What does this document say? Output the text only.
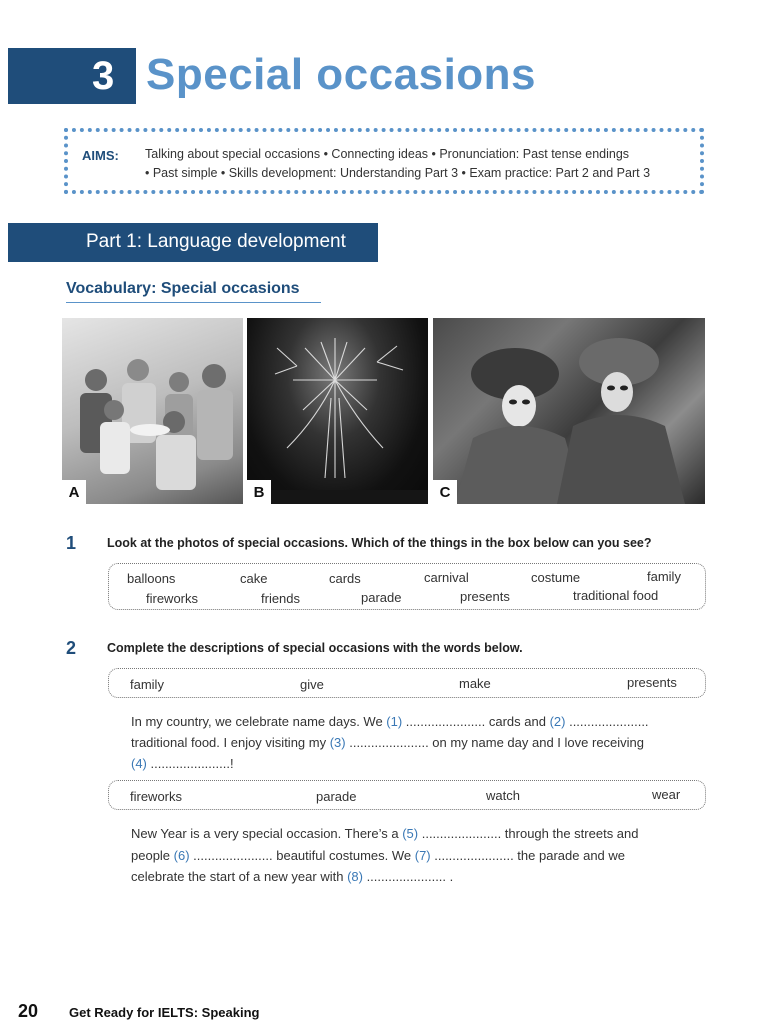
3 Special occasions
AIMS: Talking about special occasions • Connecting ideas • Pronunciation: Past tense endings
• Past simple • Skills development: Understanding Part 3 • Exam practice: Part 2 and Part 3
Part 1: Language development
Vocabulary: Special occasions
A	B	C
1 Look at the photos of special occasions. Which of the things in the box below can you see?
balloons	cake	cards	carnival	costume	family
fireworks	friends	parade	presents	traditional food
2 Complete the descriptions of special occasions with the words below.
family	give	make	presents
In my country, we celebrate name days. We (1) ...................... cards and (2) ......................
traditional food. I enjoy visiting my (3) ...................... on my name day and I love receiving
(4) ......................!
fireworks	parade	watch	wear
New Year is a very special occasion. There’s a (5) ...................... through the streets and
people (6) ...................... beautiful costumes. We (7) ...................... the parade and we
celebrate the start of a new year with (8) ...................... .
20 Get Ready for IELTS: Speaking
